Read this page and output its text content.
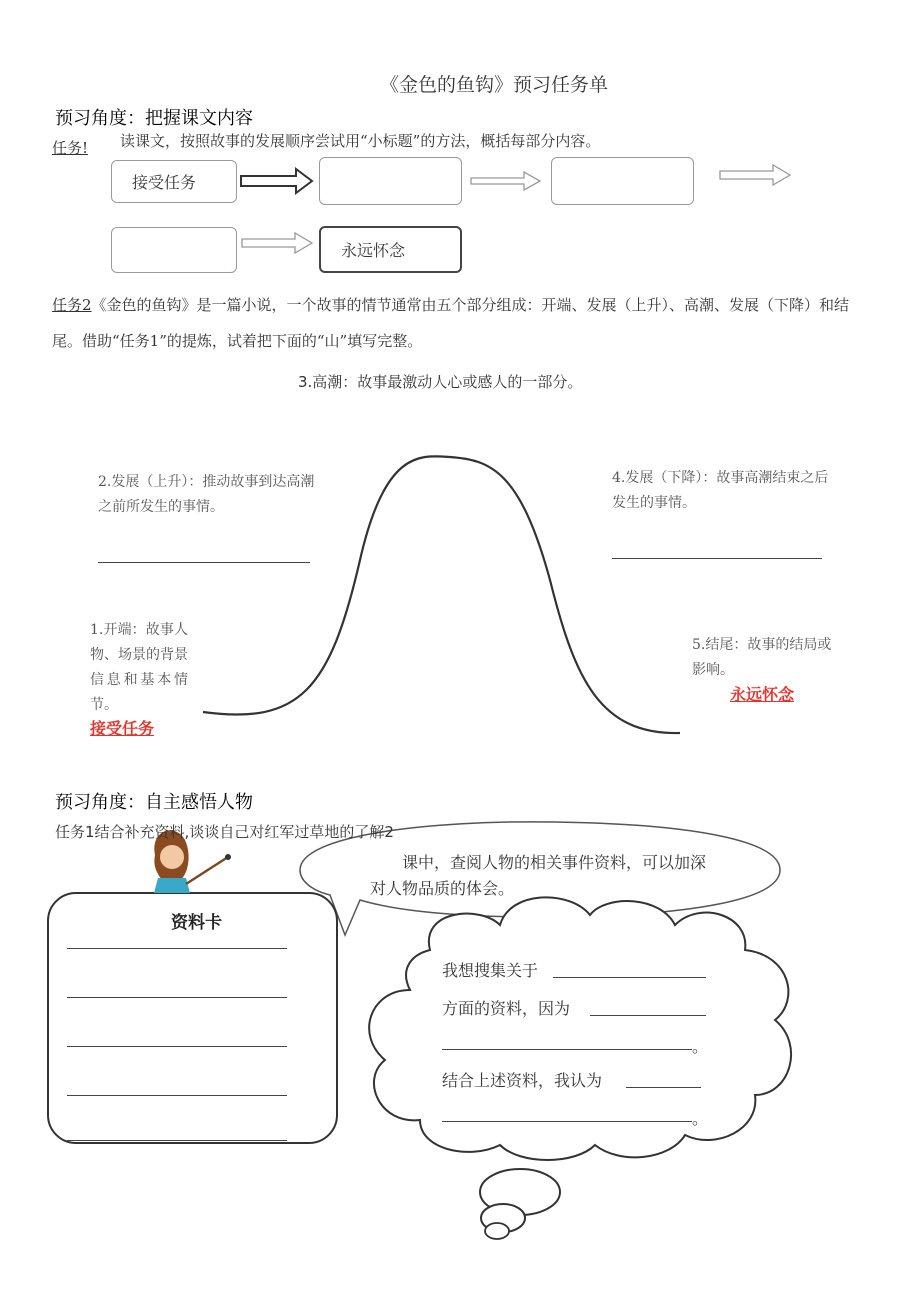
《金色的鱼钩》预习任务单
预习角度：把握课文内容
任务! 读课文，按照故事的发展顺序尝试用“小标题”的方法，概括每部分内容。
接受任务
永远怀念
任务2《金色的鱼钩》是一篇小说，一个故事的情节通常由五个部分组成：开端、发展（上升）、高潮、发展（下降）和结尾。借助“任务1”的提炼，试着把下面的“山”填写完整。
3.高潮：故事最激动人心或感人的一部分。
2.发展（上升）：推动故事到达高潮之前所发生的事情。
4.发展（下降）：故事高潮结束之后发生的事情。
1.开端：故事人物、场景的背景信息和基本情节。
接受任务
5.结尾：故事的结局或影响。
永远怀念
预习角度：自主感悟人物
任务1结合补充资料,谈谈自己对红军过草地的了解2
课中，查阅人物的相关事件资料，可以加深对人物品质的体会。
资料卡
我想搜集关于
方面的资料，因为
。
结合上述资料，我认为
。
